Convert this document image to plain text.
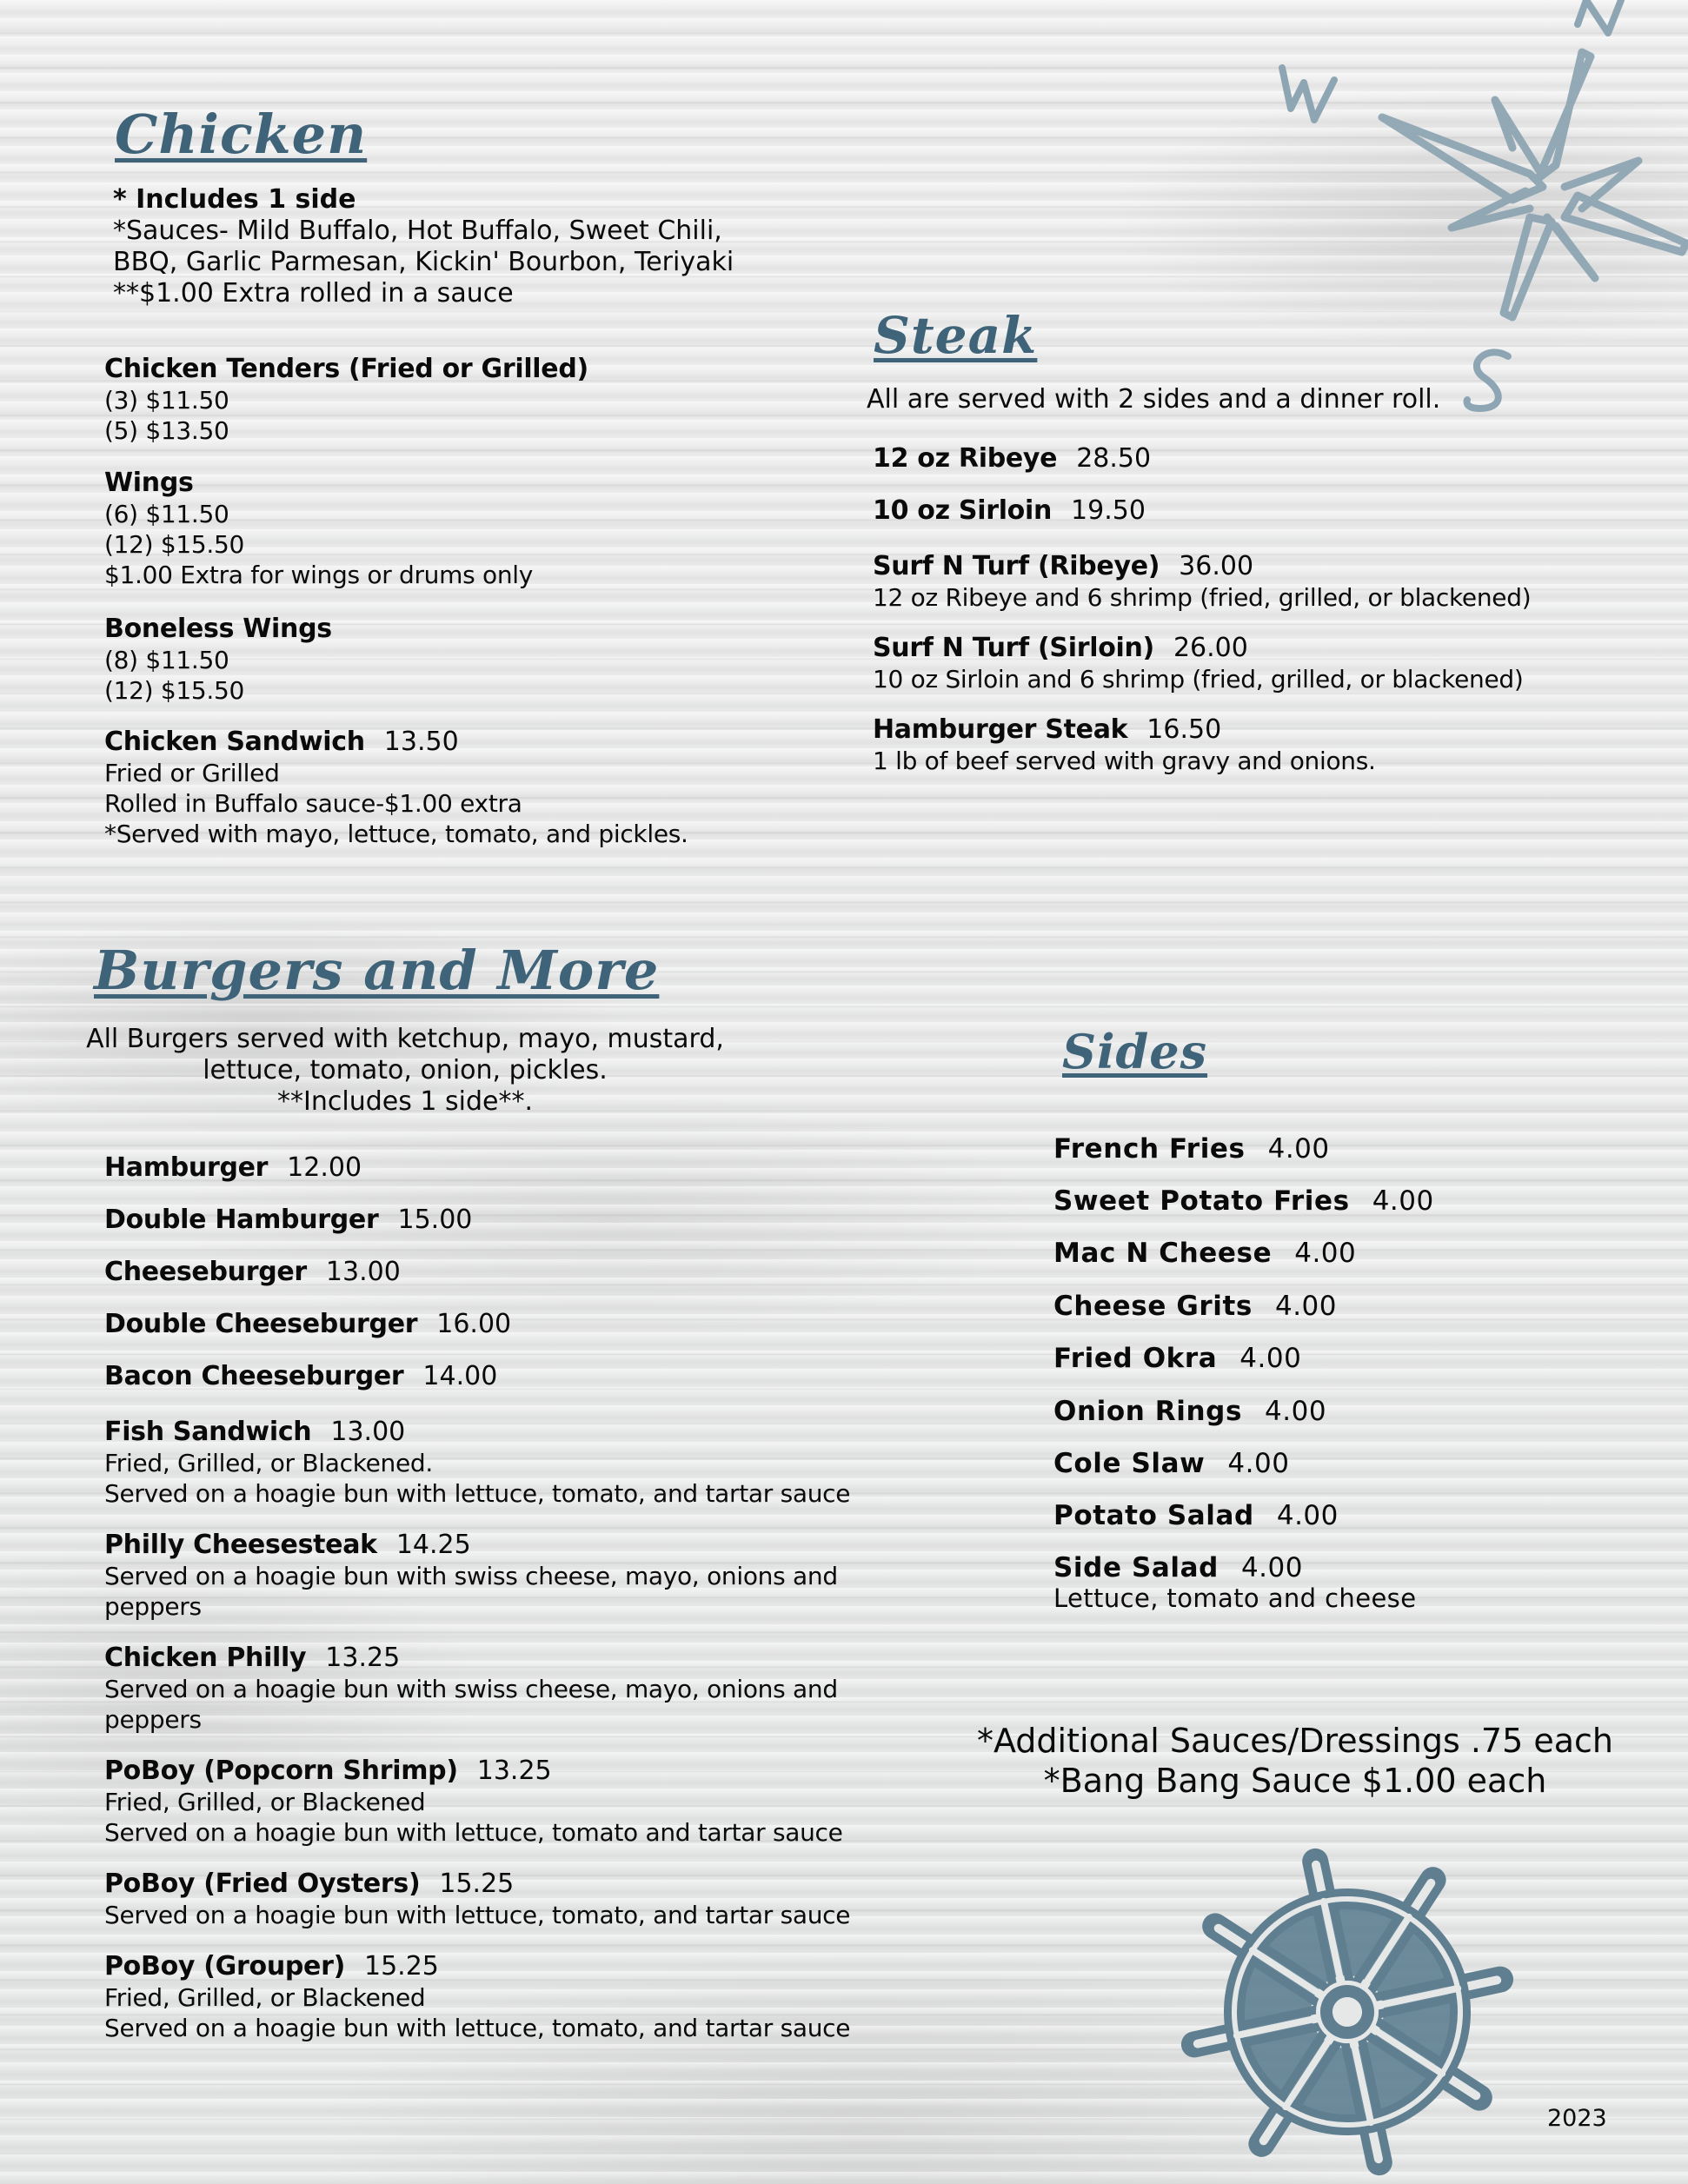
Chicken
* Includes 1 side
*Sauces- Mild Buffalo, Hot Buffalo, Sweet Chili,
BBQ, Garlic Parmesan, Kickin' Bourbon, Teriyaki
**$1.00 Extra rolled in a sauce
Chicken Tenders (Fried or Grilled)
(3) $11.50
(5) $13.50
Wings
(6) $11.50
(12) $15.50
$1.00 Extra for wings or drums only
Boneless Wings
(8) $11.50
(12) $15.50
Chicken Sandwich 13.50
Fried or Grilled
Rolled in Buffalo sauce-$1.00 extra
*Served with mayo, lettuce, tomato, and pickles.
Steak
All are served with 2 sides and a dinner roll.
12 oz Ribeye 28.50
10 oz Sirloin 19.50
Surf N Turf (Ribeye) 36.00
12 oz Ribeye and 6 shrimp (fried, grilled, or blackened)
Surf N Turf (Sirloin) 26.00
10 oz Sirloin and 6 shrimp (fried, grilled, or blackened)
Hamburger Steak 16.50
1 lb of beef served with gravy and onions.
Burgers and More
All Burgers served with ketchup, mayo, mustard,
lettuce, tomato, onion, pickles.
**Includes 1 side**.
Hamburger 12.00
Double Hamburger 15.00
Cheeseburger 13.00
Double Cheeseburger 16.00
Bacon Cheeseburger 14.00
Fish Sandwich 13.00
Fried, Grilled, or Blackened.
Served on a hoagie bun with lettuce, tomato, and tartar sauce
Philly Cheesesteak 14.25
Served on a hoagie bun with swiss cheese, mayo, onions and
peppers
Chicken Philly 13.25
Served on a hoagie bun with swiss cheese, mayo, onions and
peppers
PoBoy (Popcorn Shrimp) 13.25
Fried, Grilled, or Blackened
Served on a hoagie bun with lettuce, tomato and tartar sauce
PoBoy (Fried Oysters) 15.25
Served on a hoagie bun with lettuce, tomato, and tartar sauce
PoBoy (Grouper) 15.25
Fried, Grilled, or Blackened
Served on a hoagie bun with lettuce, tomato, and tartar sauce
Sides
French Fries 4.00
Sweet Potato Fries 4.00
Mac N Cheese 4.00
Cheese Grits 4.00
Fried Okra 4.00
Onion Rings 4.00
Cole Slaw 4.00
Potato Salad 4.00
Side Salad 4.00
Lettuce, tomato and cheese
*Additional Sauces/Dressings .75 each
*Bang Bang Sauce $1.00 each
2023
